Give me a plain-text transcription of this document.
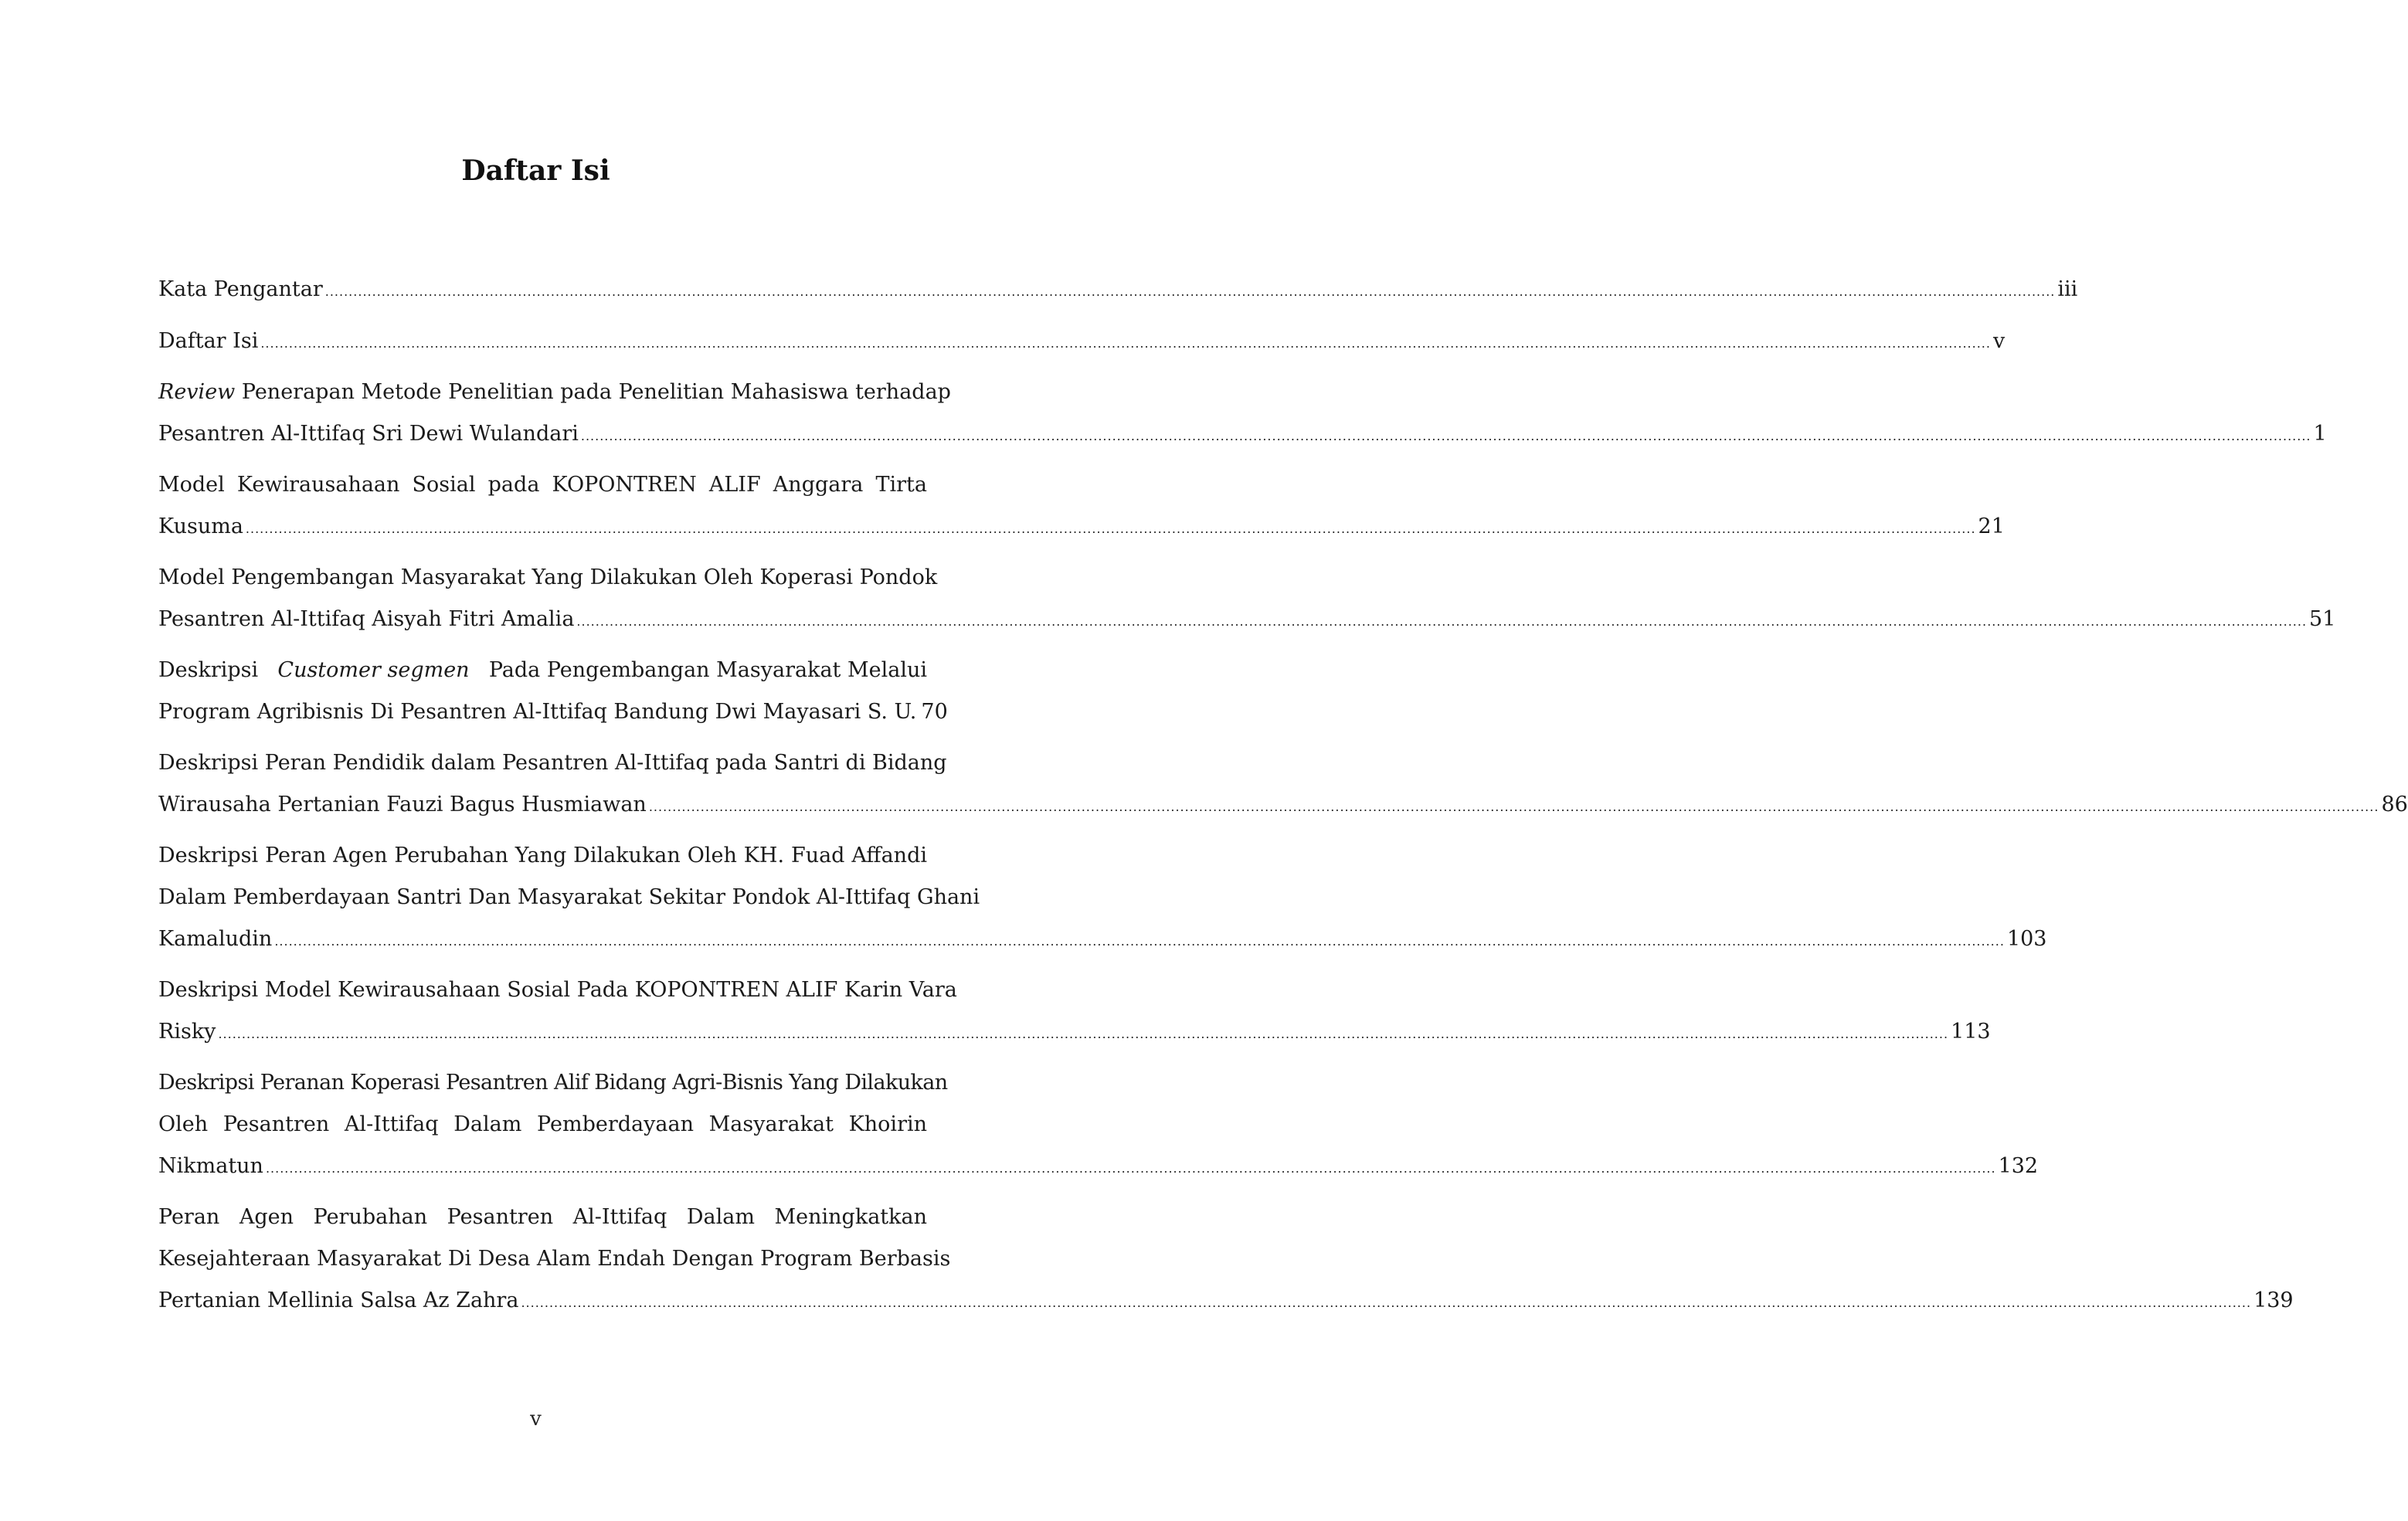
Daftar Isi
Kata Pengantar .....	iii
Daftar Isi .....	v
Review Penerapan Metode Penelitian pada Penelitian Mahasiswa terhadap
Pesantren Al-Ittifaq Sri Dewi Wulandari .....	1
Model Kewirausahaan Sosial pada KOPONTREN ALIF Anggara Tirta
Kusuma .....	21
Model Pengembangan Masyarakat Yang Dilakukan Oleh Koperasi Pondok
Pesantren Al-Ittifaq Aisyah Fitri Amalia .....	51
Deskripsi Customer segmen Pada Pengembangan Masyarakat Melalui
Program Agribisnis Di Pesantren Al-Ittifaq Bandung Dwi Mayasari S. U. 70
Deskripsi Peran Pendidik dalam Pesantren Al-Ittifaq pada Santri di Bidang
Wirausaha Pertanian Fauzi Bagus Husmiawan .....	86
Deskripsi Peran Agen Perubahan Yang Dilakukan Oleh KH. Fuad Affandi
Dalam Pemberdayaan Santri Dan Masyarakat Sekitar Pondok Al-Ittifaq Ghani
Kamaludin .....	103
Deskripsi Model Kewirausahaan Sosial Pada KOPONTREN ALIF Karin Vara
Risky .....	113
Deskripsi Peranan Koperasi Pesantren Alif Bidang Agri-Bisnis Yang Dilakukan
Oleh Pesantren Al-Ittifaq Dalam Pemberdayaan Masyarakat Khoirin
Nikmatun .....	132
Peran Agen Perubahan Pesantren Al-Ittifaq Dalam Meningkatkan
Kesejahteraan Masyarakat Di Desa Alam Endah Dengan Program Berbasis
Pertanian Mellinia Salsa Az Zahra .....	139
v
